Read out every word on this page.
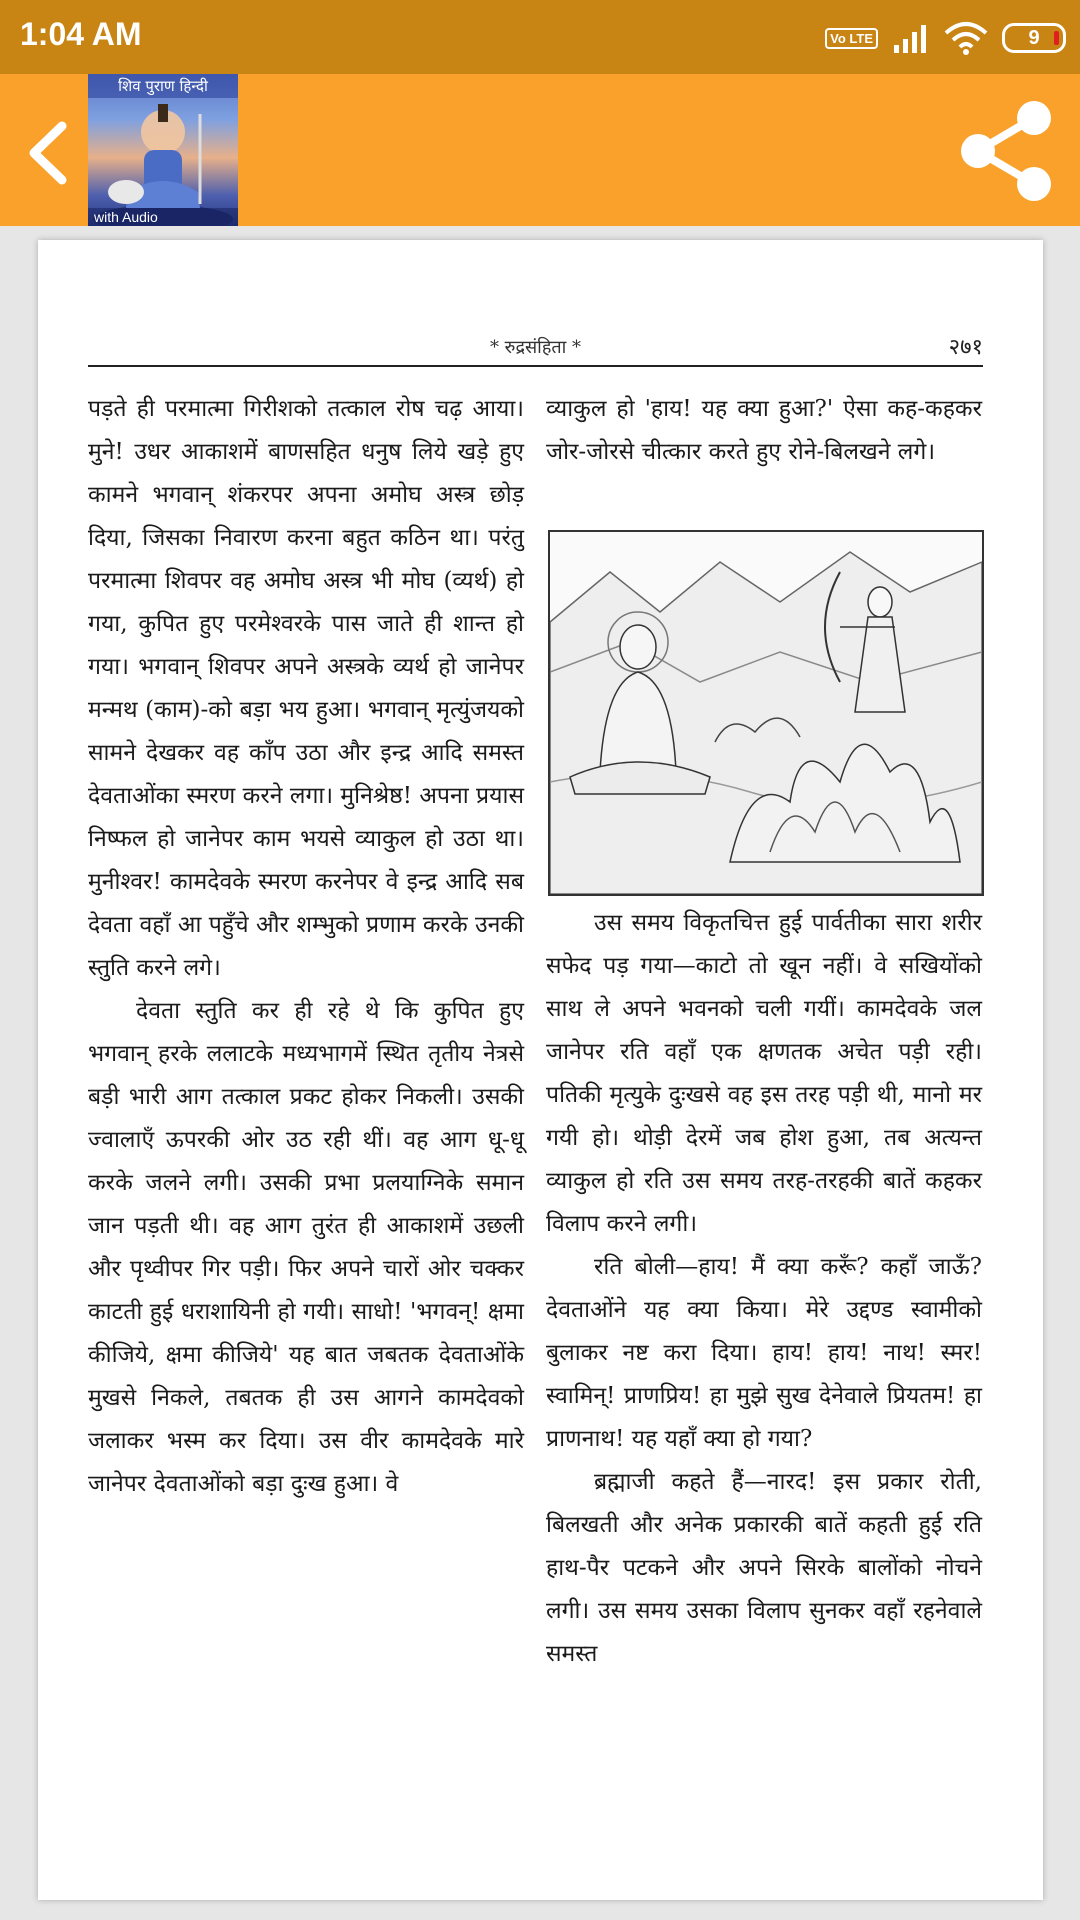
1:04 AM	Vo LTE	9
शिव पुराण हिन्दी
with Audio
* रुद्रसंहिता *	२७१

पड़ते ही परमात्मा गिरीशको तत्काल रोष चढ़ आया। मुने! उधर आकाशमें बाणसहित धनुष लिये खड़े हुए कामने भगवान् शंकरपर अपना अमोघ अस्त्र छोड़ दिया, जिसका निवारण करना बहुत कठिन था। परंतु परमात्मा शिवपर वह अमोघ अस्त्र भी मोघ (व्यर्थ) हो गया, कुपित हुए परमेश्वरके पास जाते ही शान्त हो गया। भगवान् शिवपर अपने अस्त्रके व्यर्थ हो जानेपर मन्मथ (काम)-को बड़ा भय हुआ। भगवान् मृत्युंजयको सामने देखकर वह काँप उठा और इन्द्र आदि समस्त देवताओंका स्मरण करने लगा। मुनिश्रेष्ठ! अपना प्रयास निष्फल हो जानेपर काम भयसे व्याकुल हो उठा था। मुनीश्वर! कामदेवके स्मरण करनेपर वे इन्द्र आदि सब देवता वहाँ आ पहुँचे और शम्भुको प्रणाम करके उनकी स्तुति करने लगे।

देवता स्तुति कर ही रहे थे कि कुपित हुए भगवान् हरके ललाटके मध्यभागमें स्थित तृतीय नेत्रसे बड़ी भारी आग तत्काल प्रकट होकर निकली। उसकी ज्वालाएँ ऊपरकी ओर उठ रही थीं। वह आग धू-धू करके जलने लगी। उसकी प्रभा प्रलयाग्निके समान जान पड़ती थी। वह आग तुरंत ही आकाशमें उछली और पृथ्वीपर गिर पड़ी। फिर अपने चारों ओर चक्कर काटती हुई धराशायिनी हो गयी। साधो! 'भगवन्! क्षमा कीजिये, क्षमा कीजिये' यह बात जबतक देवताओंके मुखसे निकले, तबतक ही उस आगने कामदेवको जलाकर भस्म कर दिया। उस वीर कामदेवके मारे जानेपर देवताओंको बड़ा दुःख हुआ। वे

व्याकुल हो 'हाय! यह क्या हुआ?' ऐसा कह-कहकर जोर-जोरसे चीत्कार करते हुए रोने-बिलखने लगे।

उस समय विकृतचित्त हुई पार्वतीका सारा शरीर सफेद पड़ गया—काटो तो खून नहीं। वे सखियोंको साथ ले अपने भवनको चली गयीं। कामदेवके जल जानेपर रति वहाँ एक क्षणतक अचेत पड़ी रही। पतिकी मृत्युके दुःखसे वह इस तरह पड़ी थी, मानो मर गयी हो। थोड़ी देरमें जब होश हुआ, तब अत्यन्त व्याकुल हो रति उस समय तरह-तरहकी बातें कहकर विलाप करने लगी।

रति बोली—हाय! मैं क्या करूँ? कहाँ जाऊँ? देवताओंने यह क्या किया। मेरे उद्दण्ड स्वामीको बुलाकर नष्ट करा दिया। हाय! हाय! नाथ! स्मर! स्वामिन्! प्राणप्रिय! हा मुझे सुख देनेवाले प्रियतम! हा प्राणनाथ! यह यहाँ क्या हो गया?

ब्रह्माजी कहते हैं—नारद! इस प्रकार रोती, बिलखती और अनेक प्रकारकी बातें कहती हुई रति हाथ-पैर पटकने और अपने सिरके बालोंको नोचने लगी। उस समय उसका विलाप सुनकर वहाँ रहनेवाले समस्त
